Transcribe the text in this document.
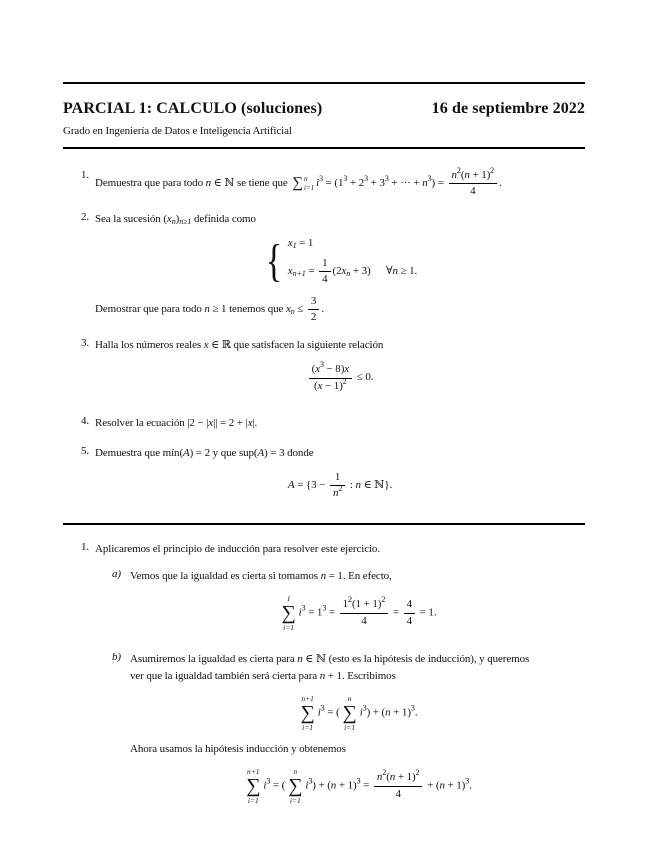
PARCIAL 1: CALCULO (soluciones)	16 de septiembre 2022
Grado en Ingeniería de Datos e Inteligencia Artificial
1.
Demuestra que para todo n ∈ ℕ se tiene que ∑ n
i=1 $i^3 = (1^3 + 2^3 + 3^3$ + ··· + $n^3) = \frac{n^2(n + 1)^2}{4}$ .
2. Sea la sucesión $(x_n)_{n\ge 1}$ definida como
{ $x_1 = 1$
$x_{n+1} = \frac{1}{4} (2x_n + 3)$ ∀n ≥ 1.
Demostrar que para todo n ≥ 1 tenemos que $x_n \le \frac{3}{2}$ .
3. Halla los números reales x ∈ ℝ que satisfacen la siguiente relación
$\frac{(x^3 - 8)x}{(x - 1)^2} \le 0$.
4. Resolver la ecuación |2 − |x|| = 2 + |x|.
5. Demuestra que mín(A) = 2 y que sup(A) = 3 donde
$A = \{3 - \frac{1}{n^2}$ : n ∈ ℕ}.
1. Aplicaremos el principio de inducción para resolver este ejercicio.
a) Vemos que la igualdad es cierta si tomamos n = 1. En efecto,
1
∑
i=1
$i^3 = 1^3 = \frac{1^2(1 + 1)^2}{4} = \frac{4}{4} = 1$.
b) Asumiremos la igualdad es cierta para n ∈ ℕ (esto es la hipótesis de inducción), y queremos
ver que la igualdad también será cierta para n + 1. Escribimos
n+1
∑
i=1
$i^3$ = (
n
∑
i=1
$i^3) + (n + 1)^3$.
Ahora usamos la hipótesis inducción y obtenemos
n+1
∑
i=1
$i^3$ = (
n
∑
i=1
$i^3) + (n + 1)^3 = \frac{n^2(n + 1)^2}{4} + (n + 1)^3$.
